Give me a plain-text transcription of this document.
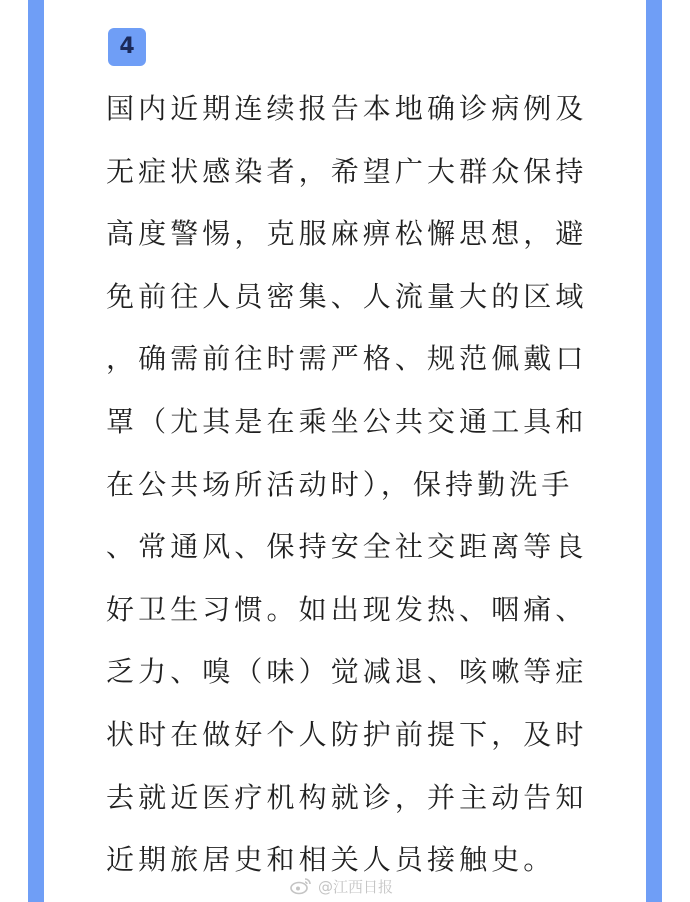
4

国内近期连续报告本地确诊病例及
无症状感染者，希望广大群众保持
高度警惕，克服麻痹松懈思想，避
免前往人员密集、人流量大的区域
，确需前往时需严格、规范佩戴口
罩（尤其是在乘坐公共交通工具和
在公共场所活动时），保持勤洗手
、常通风、保持安全社交距离等良
好卫生习惯。如出现发热、咽痛、
乏力、嗅（味）觉减退、咳嗽等症
状时在做好个人防护前提下，及时
去就近医疗机构就诊，并主动告知
近期旅居史和相关人员接触史。

@江西日报
